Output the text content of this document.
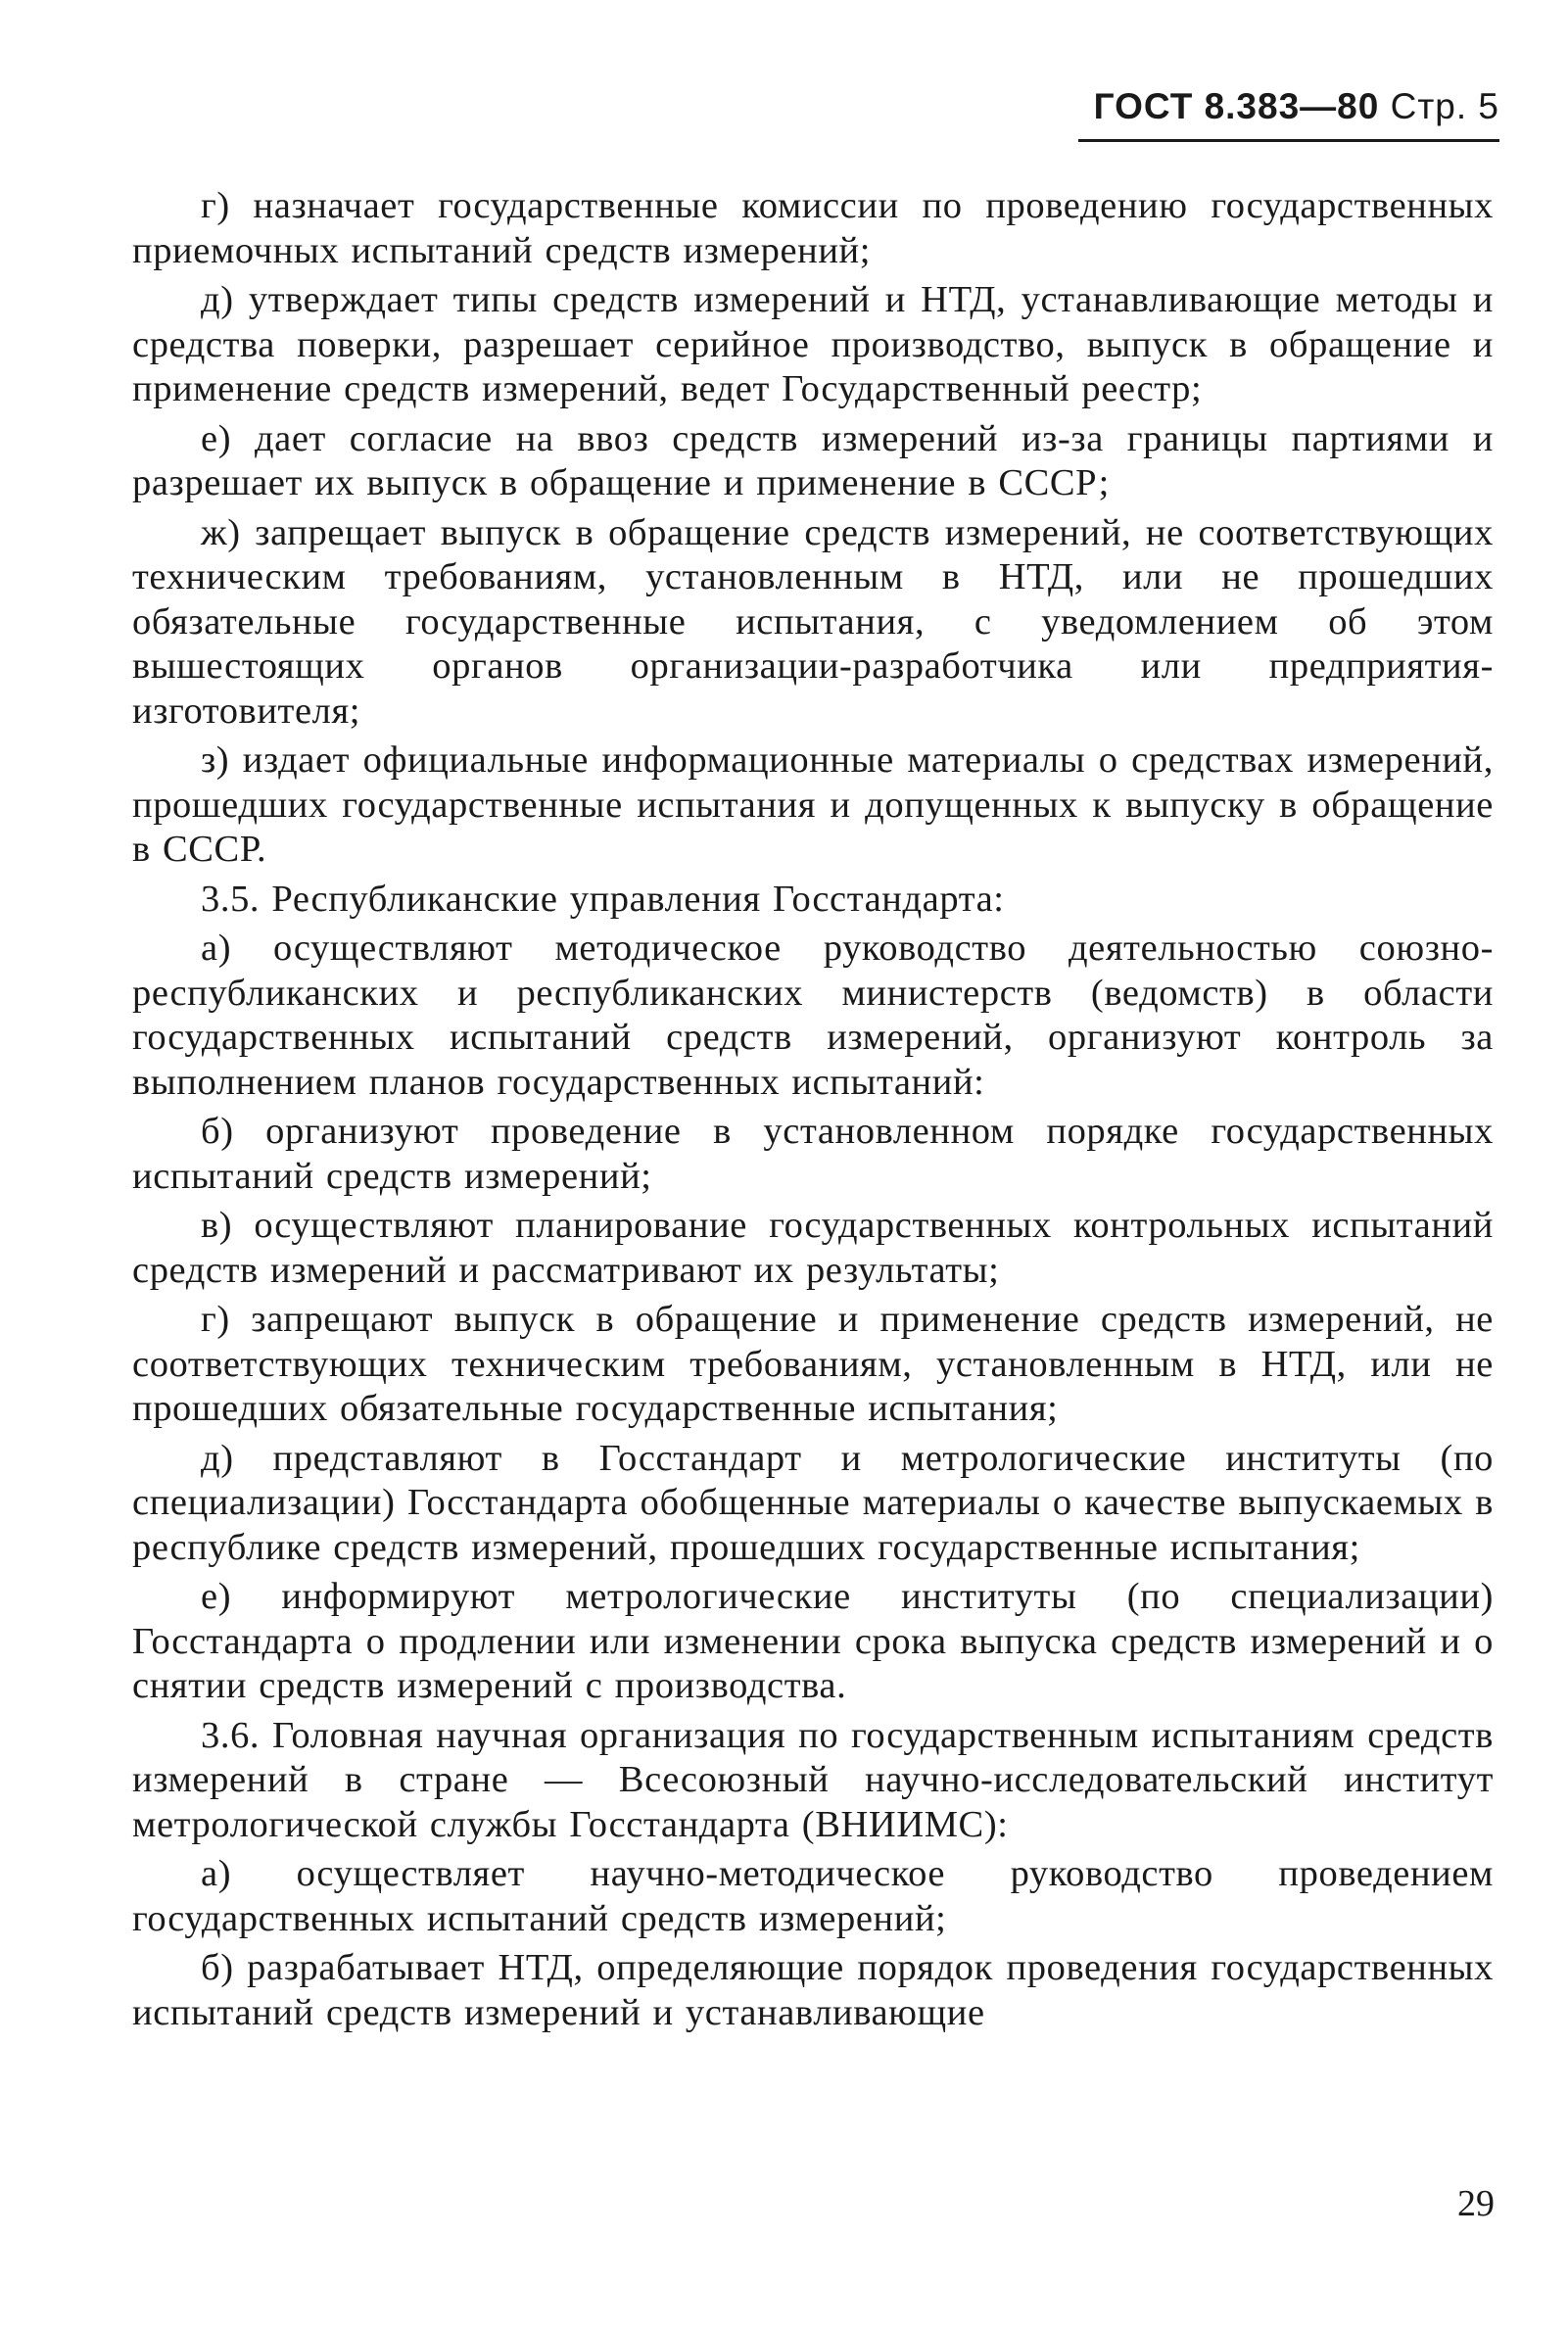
ГОСТ 8.383—80 Стр. 5

г) назначает государственные комиссии по проведению государственных приемочных испытаний средств измерений;

д) утверждает типы средств измерений и НТД, устанавливающие методы и средства поверки, разрешает серийное производство, выпуск в обращение и применение средств измерений, ведет Государственный реестр;

е) дает согласие на ввоз средств измерений из-за границы партиями и разрешает их выпуск в обращение и применение в СССР;

ж) запрещает выпуск в обращение средств измерений, не соответствующих техническим требованиям, установленным в НТД, или не прошедших обязательные государственные испытания, с уведомлением об этом вышестоящих органов организации-разработчика или предприятия-изготовителя;

з) издает официальные информационные материалы о средствах измерений, прошедших государственные испытания и допущенных к выпуску в обращение в СССР.

3.5. Республиканские управления Госстандарта:

а) осуществляют методическое руководство деятельностью союзно-республиканских и республиканских министерств (ведомств) в области государственных испытаний средств измерений, организуют контроль за выполнением планов государственных испытаний:

б) организуют проведение в установленном порядке государственных испытаний средств измерений;

в) осуществляют планирование государственных контрольных испытаний средств измерений и рассматривают их результаты;

г) запрещают выпуск в обращение и применение средств измерений, не соответствующих техническим требованиям, установленным в НТД, или не прошедших обязательные государственные испытания;

д) представляют в Госстандарт и метрологические институты (по специализации) Госстандарта обобщенные материалы о качестве выпускаемых в республике средств измерений, прошедших государственные испытания;

е) информируют метрологические институты (по специализации) Госстандарта о продлении или изменении срока выпуска средств измерений и о снятии средств измерений с производства.

3.6. Головная научная организация по государственным испытаниям средств измерений в стране — Всесоюзный научно-исследовательский институт метрологической службы Госстандарта (ВНИИМС):

а) осуществляет научно-методическое руководство проведением государственных испытаний средств измерений;

б) разрабатывает НТД, определяющие порядок проведения государственных испытаний средств измерений и устанавливающие

29
